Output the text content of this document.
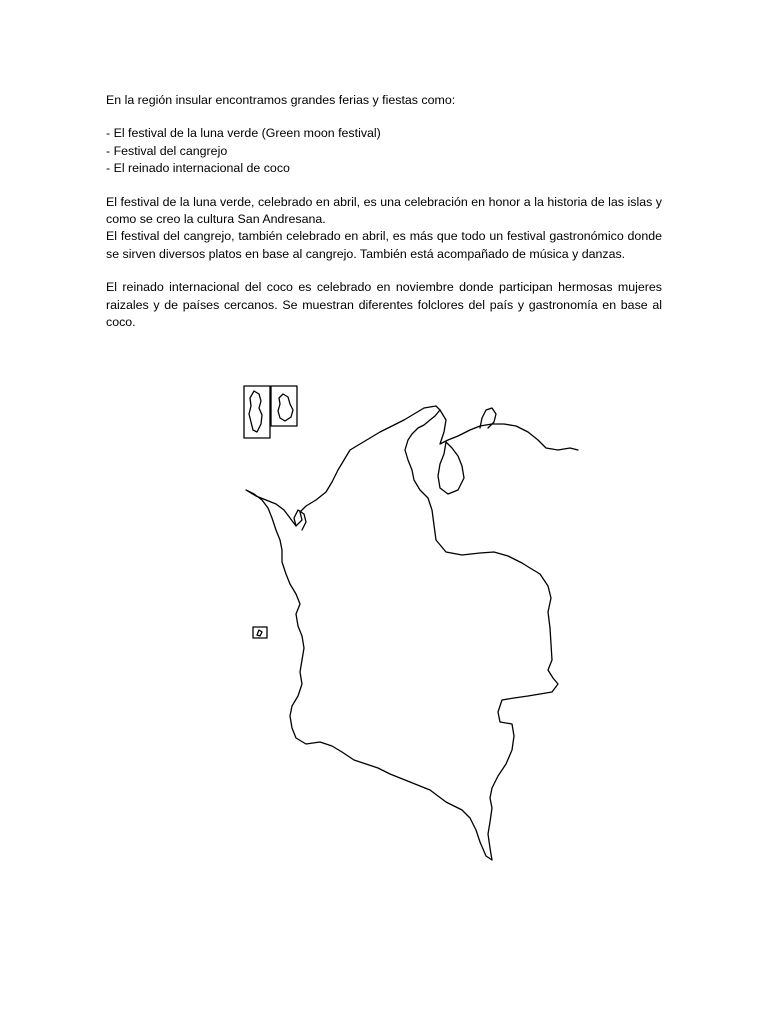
En la región insular encontramos grandes ferias y fiestas como:

- El festival de la luna verde (Green moon festival)
- Festival del cangrejo
- El reinado internacional de coco

El festival de la luna verde, celebrado en abril, es una celebración en honor a la historia de las islas y como se creo la cultura San Andresana.

El festival del cangrejo, también celebrado en abril, es más que todo un festival gastronómico donde se sirven diversos platos en base al cangrejo. También está acompañado de música y danzas.

El reinado internacional del coco es celebrado en noviembre donde participan hermosas mujeres raizales y de países cercanos. Se muestran diferentes folclores del país y gastronomía en base al coco.
